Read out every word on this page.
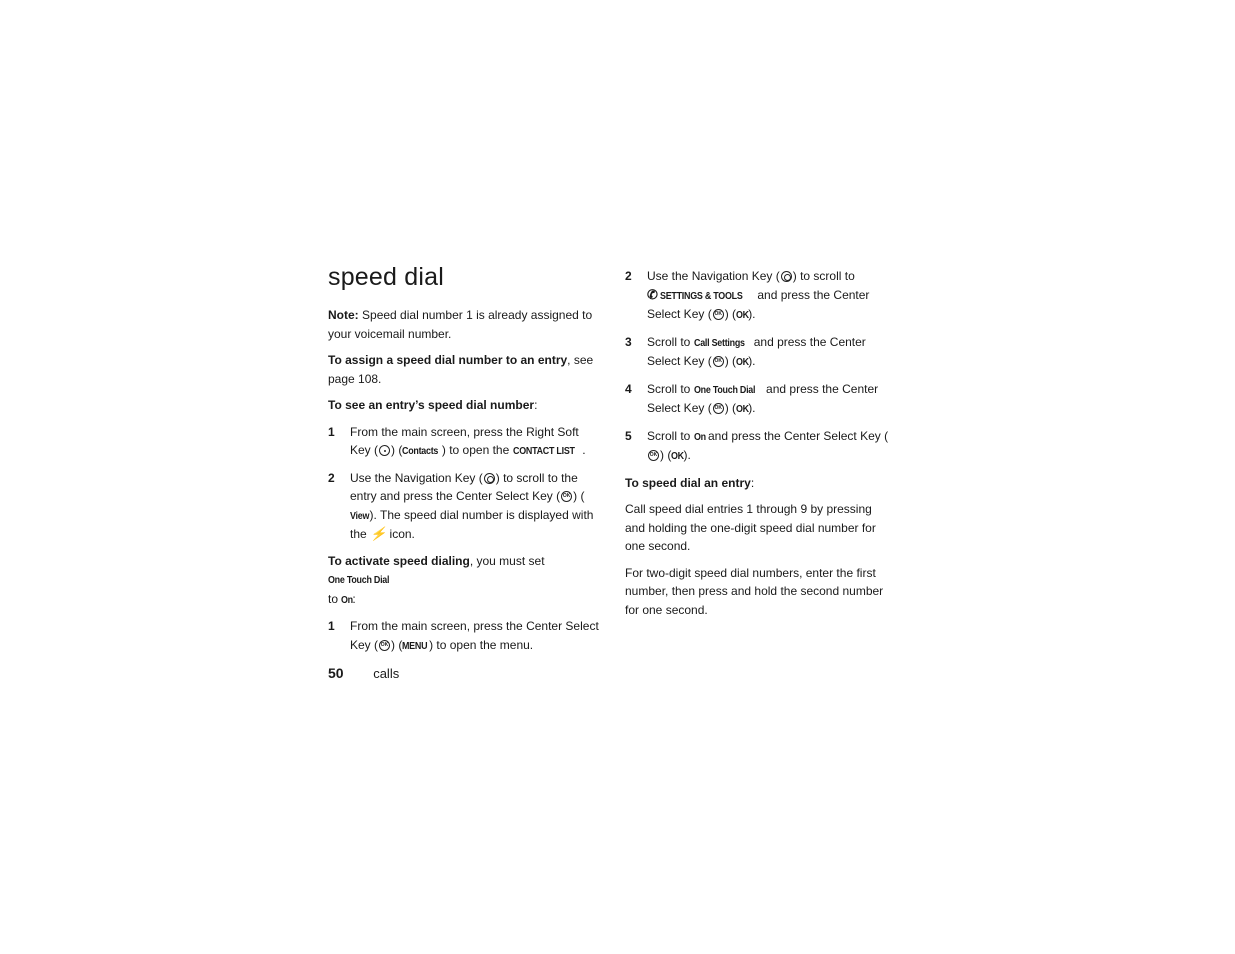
speed dial

Note: Speed dial number 1 is already assigned to your voicemail number.

To assign a speed dial number to an entry, see page 108.

To see an entry’s speed dial number:

1	From the main screen, press the Right Soft Key ( ) (Contacts ) to open the CONTACT LIST .
2	Use the Navigation Key ( ) to scroll to the entry and press the Center Select Key ( OK ) (View). The speed dial number is displayed with the ⚡ icon.

To activate speed dialing, you must set One Touch Dial
to On:

1	From the main screen, press the Center Select Key ( OK ) (MENU) to open the menu.
2	Use the Navigation Key ( ) to scroll to
✆ SETTINGS & TOOLS and press the Center Select Key ( OK ) (OK).
3	Scroll to Call Settings and press the Center Select Key ( OK ) (OK).
4	Scroll to One Touch Dial and press the Center Select Key ( OK ) (OK).
5	Scroll to On and press the Center Select Key (OK) (OK).

To speed dial an entry:

Call speed dial entries 1 through 9 by pressing and holding the one-digit speed dial number for one second.

For two-digit speed dial numbers, enter the first number, then press and hold the second number for one second.

50 calls
